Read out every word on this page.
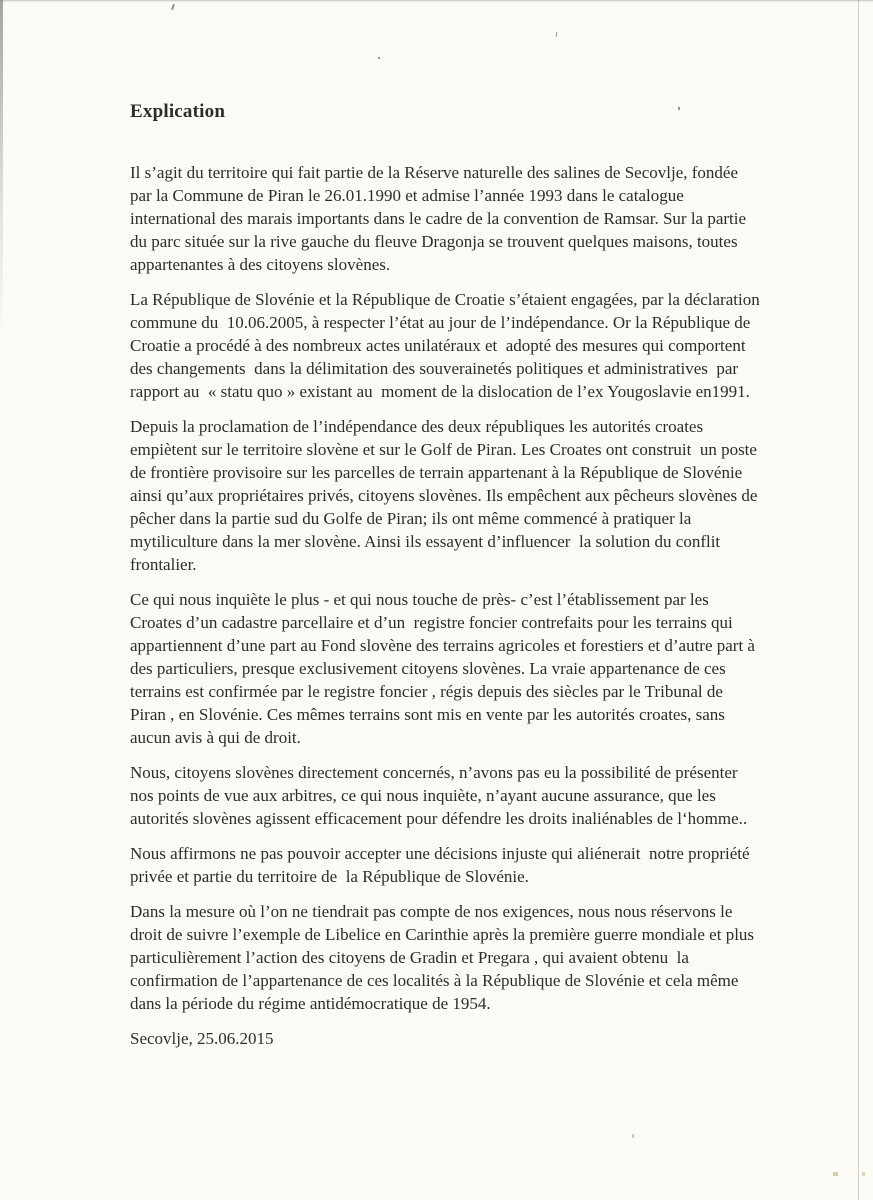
Explication

Il s’agit du territoire qui fait partie de la Réserve naturelle des salines de Secovlje, fondée par la Commune de Piran le 26.01.1990 et admise l’année 1993 dans le catalogue international des marais importants dans le cadre de la convention de Ramsar. Sur la partie du parc située sur la rive gauche du fleuve Dragonja se trouvent quelques maisons, toutes appartenantes à des citoyens slovènes.

La République de Slovénie et la République de Croatie s’étaient engagées, par la déclaration commune du  10.06.2005, à respecter l’état au jour de l’indépendance. Or la République de Croatie a procédé à des nombreux actes unilatéraux et  adopté des mesures qui comportent des changements  dans la délimitation des souverainetés politiques et administratives  par rapport au  « statu quo » existant au  moment de la dislocation de l’ex Yougoslavie en1991.

Depuis la proclamation de l’indépendance des deux républiques les autorités croates empiètent sur le territoire slovène et sur le Golf de Piran. Les Croates ont construit  un poste de frontière provisoire sur les parcelles de terrain appartenant à la République de Slovénie ainsi qu’aux propriétaires privés, citoyens slovènes. Ils empêchent aux pêcheurs slovènes de pêcher dans la partie sud du Golfe de Piran; ils ont même commencé à pratiquer la mytiliculture dans la mer slovène. Ainsi ils essayent d’influencer  la solution du conflit frontalier.

Ce qui nous inquiète le plus - et qui nous touche de près- c’est l’établissement par les Croates d’un cadastre parcellaire et d’un  registre foncier contrefaits pour les terrains qui appartiennent d’une part au Fond slovène des terrains agricoles et forestiers et d’autre part à des particuliers, presque exclusivement citoyens slovènes. La vraie appartenance de ces terrains est confirmée par le registre foncier , régis depuis des siècles par le Tribunal de Piran , en Slovénie. Ces mêmes terrains sont mis en vente par les autorités croates, sans aucun avis à qui de droit.

Nous, citoyens slovènes directement concernés, n’avons pas eu la possibilité de présenter nos points de vue aux arbitres, ce qui nous inquiète, n’ayant aucune assurance, que les autorités slovènes agissent efficacement pour défendre les droits inaliénables de l‘homme..

Nous affirmons ne pas pouvoir accepter une décisions injuste qui aliénerait  notre propriété privée et partie du territoire de  la République de Slovénie.

Dans la mesure où l’on ne tiendrait pas compte de nos exigences, nous nous réservons le droit de suivre l’exemple de Libelice en Carinthie après la première guerre mondiale et plus particulièrement l’action des citoyens de Gradin et Pregara , qui avaient obtenu  la confirmation de l’appartenance de ces localités à la République de Slovénie et cela même dans la période du régime antidémocratique de 1954.

Secovlje, 25.06.2015
